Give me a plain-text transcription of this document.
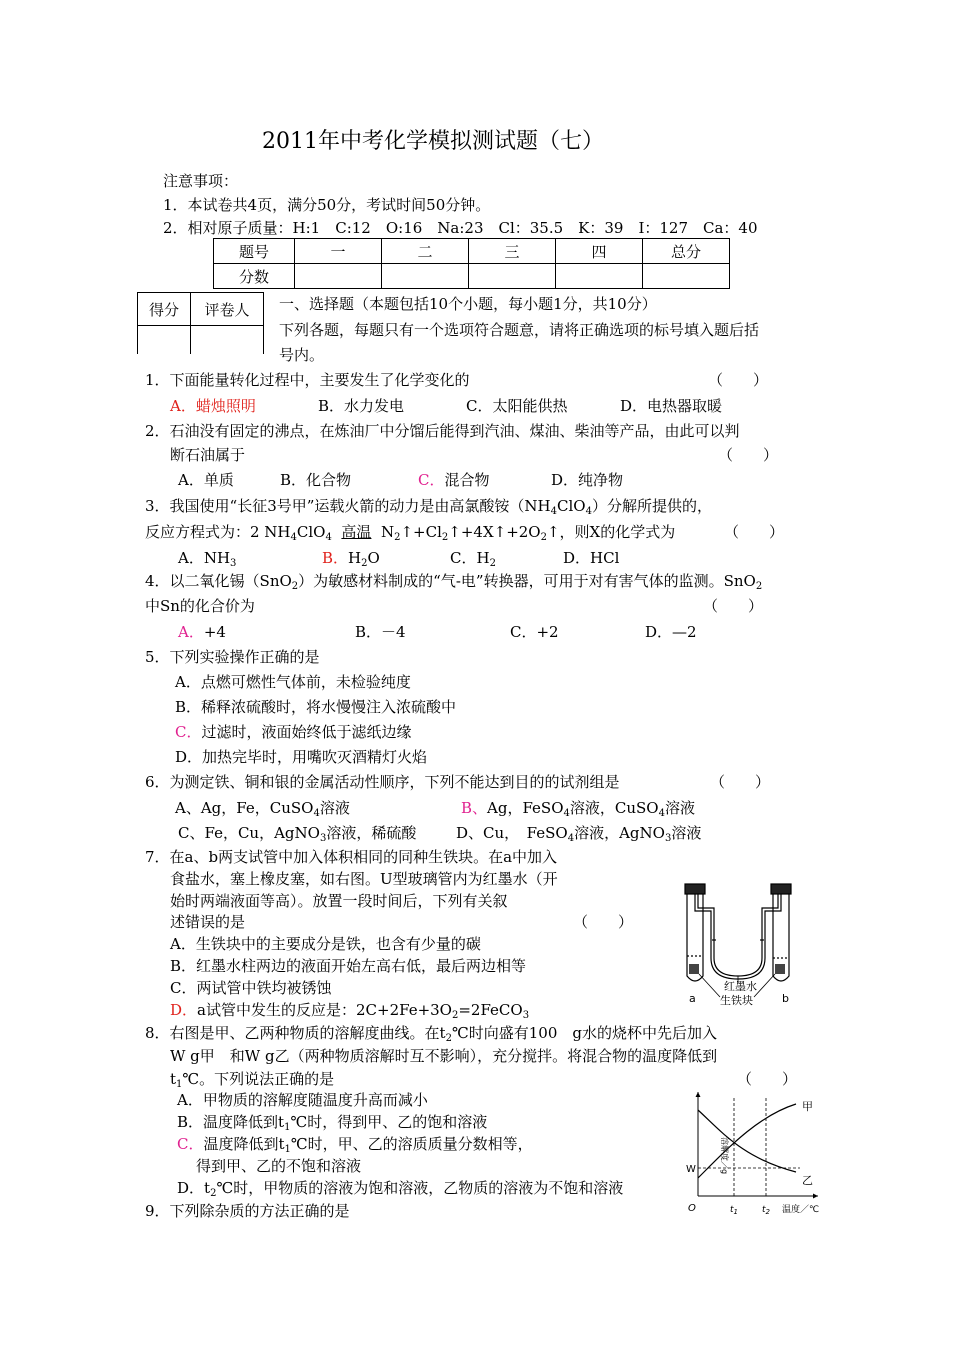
2011年中考化学模拟测试题（七）
注意事项：
1．本试卷共4页，满分50分，考试时间50分钟。
2．相对原子质量：H:1　C:12　O:16　Na:23　Cl：35.5　K：39　I：127　Ca：40
题号	一	二	三	四	总分
分数					
得分	评卷人
	一、选择题（本题包括10个小题，每小题1分，共10分）
下列各题，每题只有一个选项符合题意，请将正确选项的标号填入题后括
号内。
1．下面能量转化过程中，主要发生了化学变化的	（　　）
A．蜡烛照明	B．水力发电	C．太阳能供热	D．电热器取暖
2．石油没有固定的沸点，在炼油厂中分馏后能得到汽油、煤油、柴油等产品，由此可以判
断石油属于	（　　）
A．单质	B．化合物	C．混合物	D．纯净物
3．我国使用“长征3号甲”运载火箭的动力是由高氯酸铵$(NH_4ClO_4)$分解所提供的，
反应方程式为：2 $NH_4ClO_4$ 高温 $N_2↑+Cl_2↑+4X↑+2O_2↑$，则X的化学式为	（　　）
A．$NH_3$	B．$H_2O$	C．$H_2$	D．HCl
4．以二氧化锡（SnO$_2$）为敏感材料制成的“气-电”转换器，可用于对有害气体的监测。SnO$_2$
中Sn的化合价为	（　　）
A．+4	B．－4	C．+2	D．—2
5．下列实验操作正确的是
A．点燃可燃性气体前，未检验纯度
B．稀释浓硫酸时，将水慢慢注入浓硫酸中
C．过滤时，液面始终低于滤纸边缘
D．加热完毕时，用嘴吹灭酒精灯火焰
6．为测定铁、铜和银的金属活动性顺序，下列不能达到目的的试剂组是	（　　）
A、Ag，Fe，CuSO$_4$溶液	B、Ag，FeSO$_4$溶液，CuSO$_4$溶液
C、Fe，Cu，AgNO$_3$溶液，稀硫酸	D、Cu，　FeSO$_4$溶液，AgNO$_3$溶液
7．在a、b两支试管中加入体积相同的同种生铁块。在a中加入
食盐水，塞上橡皮塞，如右图。U型玻璃管内为红墨水（开
始时两端液面等高）。放置一段时间后，下列有关叙
述错误的是	（　　）
A．生铁块中的主要成分是铁，也含有少量的碳
B．红墨水柱两边的液面开始左高右低，最后两边相等
C．两试管中铁均被锈蚀
D．a试管中发生的反应是：$2C+2Fe+3O_2=2FeCO_3$
红墨水
生铁块
a	b
8．右图是甲、乙两种物质的溶解度曲线。在$t_2℃$时向盛有100　g水的烧杯中先后加入
W g甲　和W g乙（两种物质溶解时互不影响），充分搅拌。将混合物的温度降低到
$t_1℃$。下列说法正确的是	（　　）
A．甲物质的溶解度随温度升高而减小
B．温度降低到$t_1℃$时，得到甲、乙的饱和溶液
C．温度降低到$t_1℃$时，甲、乙的溶质质量分数相等，
得到甲、乙的不饱和溶液
D．$t_2℃$时，甲物质的溶液为饱和溶液，乙物质的溶液为不饱和溶液
溶解度／g
W
O	$t_1$	$t_2$ 温度／℃
甲
乙
9．下列除杂质的方法正确的是
